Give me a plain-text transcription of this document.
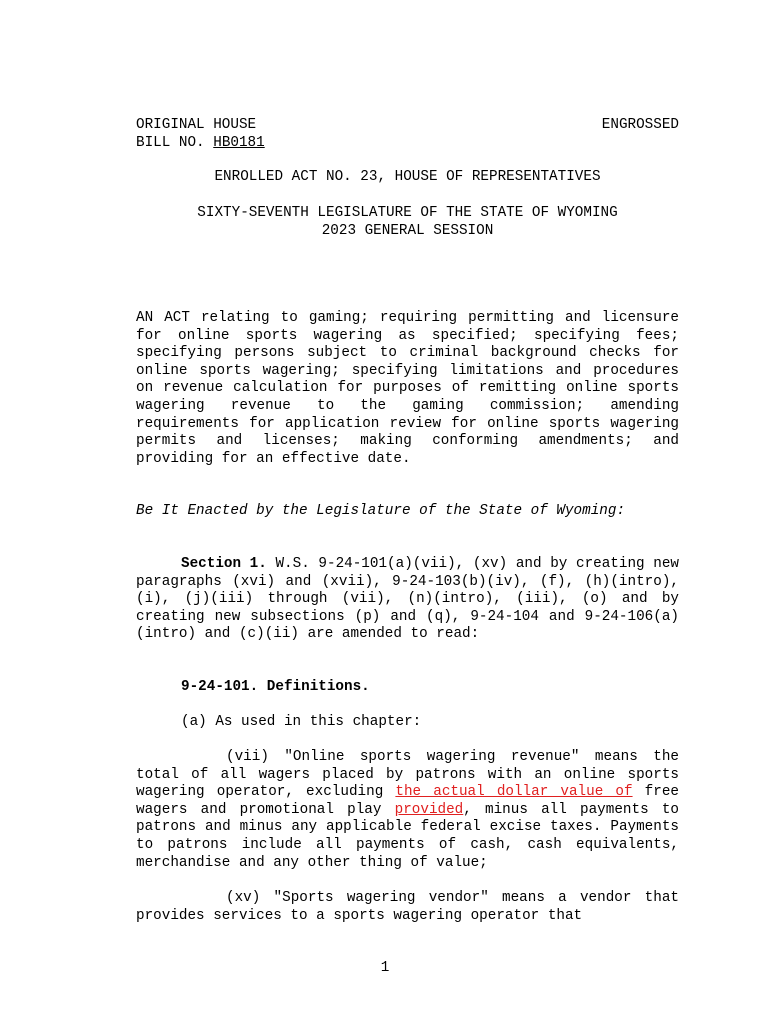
ORIGINAL HOUSE	ENGROSSED
BILL NO. HB0181
ENROLLED ACT NO. 23, HOUSE OF REPRESENTATIVES
SIXTY-SEVENTH LEGISLATURE OF THE STATE OF WYOMING
2023 GENERAL SESSION

AN ACT relating to gaming; requiring permitting and licensure for online sports wagering as specified; specifying fees; specifying persons subject to criminal background checks for online sports wagering; specifying limitations and procedures on revenue calculation for purposes of remitting online sports wagering revenue to the gaming commission; amending requirements for application review for online sports wagering permits and licenses; making conforming amendments; and providing for an effective date.

Be It Enacted by the Legislature of the State of Wyoming:

Section 1. W.S. 9-24-101(a)(vii), (xv) and by creating new paragraphs (xvi) and (xvii), 9-24-103(b)(iv), (f), (h)(intro), (i), (j)(iii) through (vii), (n)(intro), (iii), (o) and by creating new subsections (p) and (q), 9-24-104 and 9-24-106(a)(intro) and (c)(ii) are amended to read:

9-24-101. Definitions.

(a) As used in this chapter:

(vii) "Online sports wagering revenue" means the total of all wagers placed by patrons with an online sports wagering operator, excluding the actual dollar value of free wagers and promotional play provided, minus all payments to patrons and minus any applicable federal excise taxes. Payments to patrons include all payments of cash, cash equivalents, merchandise and any other thing of value;

(xv) "Sports wagering vendor" means a vendor that provides services to a sports wagering operator that

1
